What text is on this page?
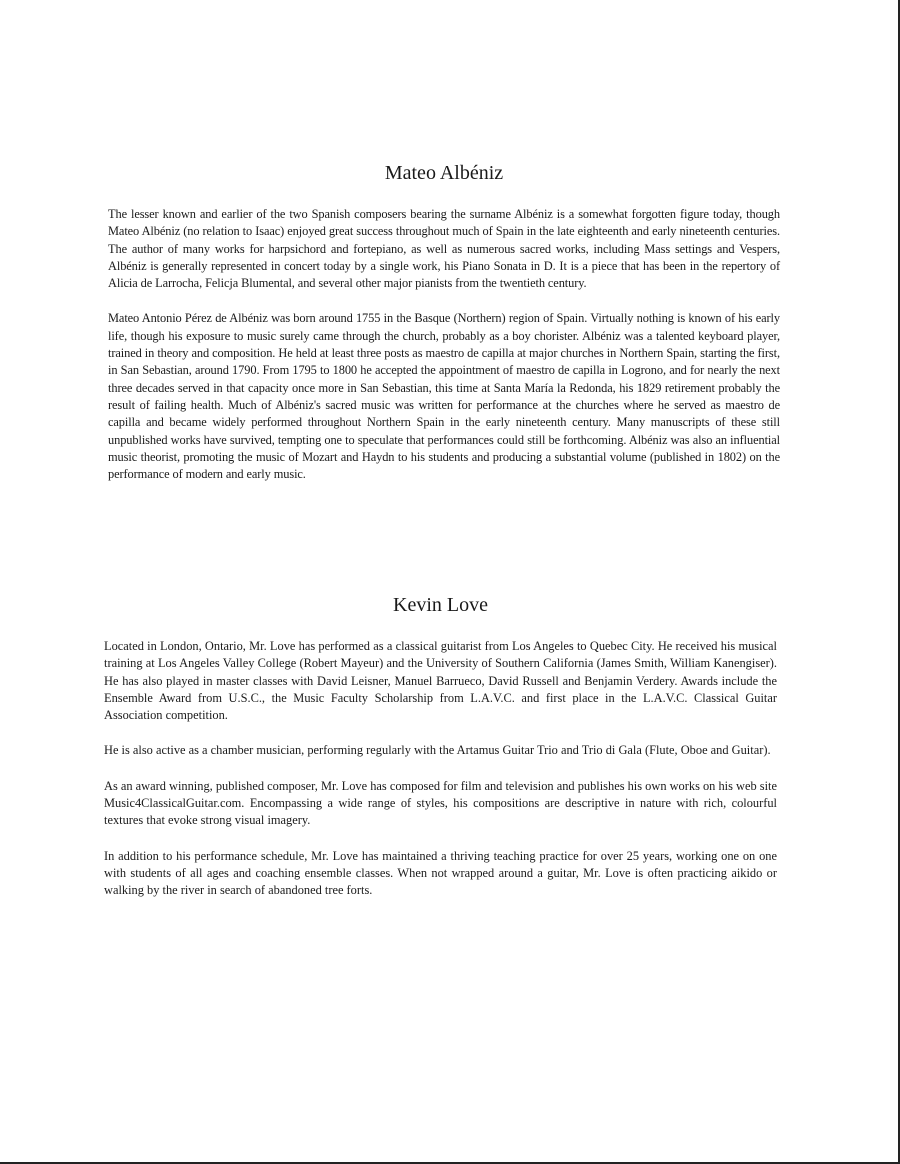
Mateo Albéniz

The lesser known and earlier of the two Spanish composers bearing the surname Albéniz is a somewhat forgotten figure today, though Mateo Albéniz (no relation to Isaac) enjoyed great success throughout much of Spain in the late eighteenth and early nineteenth centuries. The author of many works for harpsichord and fortepiano, as well as numerous sacred works, including Mass settings and Vespers, Albéniz is generally represented in concert today by a single work, his Piano Sonata in D. It is a piece that has been in the repertory of Alicia de Larrocha, Felicja Blumental, and several other major pianists from the twentieth century.

Mateo Antonio Pérez de Albéniz was born around 1755 in the Basque (Northern) region of Spain. Virtually nothing is known of his early life, though his exposure to music surely came through the church, probably as a boy chorister. Albéniz was a talented keyboard player, trained in theory and composition. He held at least three posts as maestro de capilla at major churches in Northern Spain, starting the first, in San Sebastian, around 1790. From 1795 to 1800 he accepted the appointment of maestro de capilla in Logrono, and for nearly the next three decades served in that capacity once more in San Sebastian, this time at Santa María la Redonda, his 1829 retirement probably the result of failing health. Much of Albéniz's sacred music was written for performance at the churches where he served as maestro de capilla and became widely performed throughout Northern Spain in the early nineteenth century. Many manuscripts of these still unpublished works have survived, tempting one to speculate that performances could still be forthcoming. Albéniz was also an influential music theorist, promoting the music of Mozart and Haydn to his students and producing a substantial volume (published in 1802) on the performance of modern and early music.

Kevin Love

Located in London, Ontario, Mr. Love has performed as a classical guitarist from Los Angeles to Quebec City. He received his musical training at Los Angeles Valley College (Robert Mayeur) and the University of Southern California (James Smith, William Kanengiser). He has also played in master classes with David Leisner, Manuel Barrueco, David Russell and Benjamin Verdery. Awards include the Ensemble Award from U.S.C., the Music Faculty Scholarship from L.A.V.C. and first place in the L.A.V.C. Classical Guitar Association competition.

He is also active as a chamber musician, performing regularly with the Artamus Guitar Trio and Trio di Gala (Flute, Oboe and Guitar).

As an award winning, published composer, Mr. Love has composed for film and television and publishes his own works on his web site Music4ClassicalGuitar.com. Encompassing a wide range of styles, his compositions are descriptive in nature with rich, colourful textures that evoke strong visual imagery.

In addition to his performance schedule, Mr. Love has maintained a thriving teaching practice for over 25 years, working one on one with students of all ages and coaching ensemble classes. When not wrapped around a guitar, Mr. Love is often practicing aikido or walking by the river in search of abandoned tree forts.
